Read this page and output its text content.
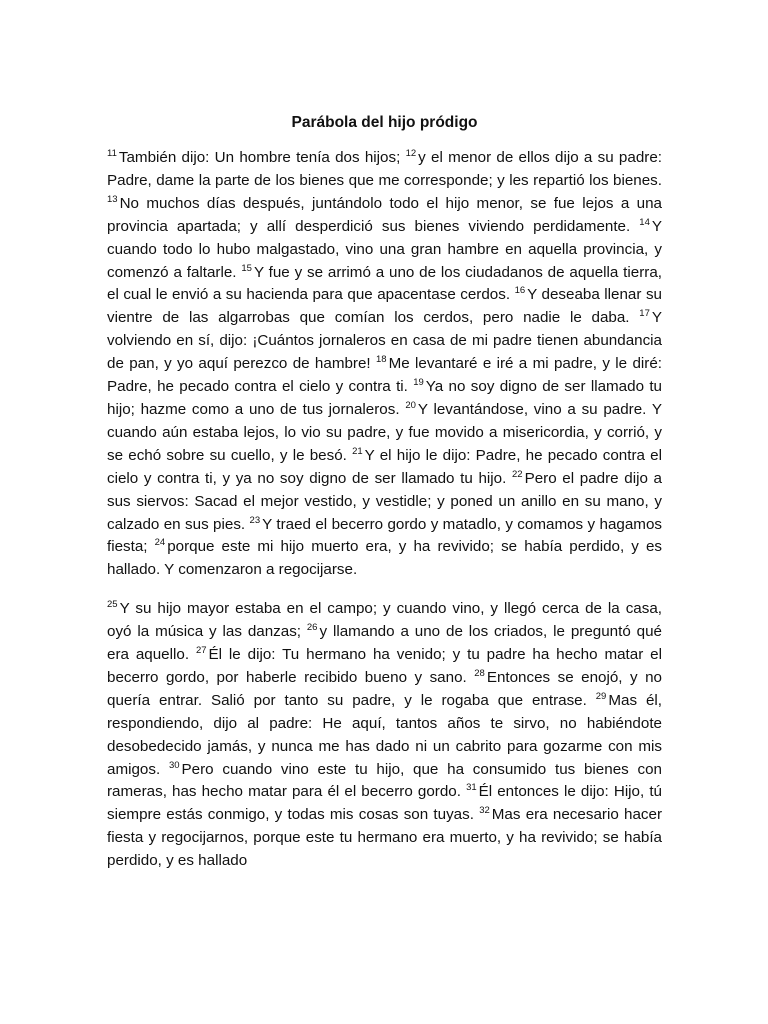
Parábola del hijo pródigo

$^{11}$ También dijo: Un hombre tenía dos hijos; $^{12}$ y el menor de ellos dijo a su padre: Padre, dame la parte de los bienes que me corresponde; y les repartió los bienes. $^{13}$ No muchos días después, juntándolo todo el hijo menor, se fue lejos a una provincia apartada; y allí desperdició sus bienes viviendo perdidamente. $^{14}$ Y cuando todo lo hubo malgastado, vino una gran hambre en aquella provincia, y comenzó a faltarle. $^{15}$ Y fue y se arrimó a uno de los ciudadanos de aquella tierra, el cual le envió a su hacienda para que apacentase cerdos. $^{16}$ Y deseaba llenar su vientre de las algarrobas que comían los cerdos, pero nadie le daba. $^{17}$ Y volviendo en sí, dijo: ¡Cuántos jornaleros en casa de mi padre tienen abundancia de pan, y yo aquí perezco de hambre! $^{18}$ Me levantaré e iré a mi padre, y le diré: Padre, he pecado contra el cielo y contra ti. $^{19}$ Ya no soy digno de ser llamado tu hijo; hazme como a uno de tus jornaleros. $^{20}$ Y levantándose, vino a su padre. Y cuando aún estaba lejos, lo vio su padre, y fue movido a misericordia, y corrió, y se echó sobre su cuello, y le besó. $^{21}$ Y el hijo le dijo: Padre, he pecado contra el cielo y contra ti, y ya no soy digno de ser llamado tu hijo. $^{22}$ Pero el padre dijo a sus siervos: Sacad el mejor vestido, y vestidle; y poned un anillo en su mano, y calzado en sus pies. $^{23}$ Y traed el becerro gordo y matadlo, y comamos y hagamos fiesta; $^{24}$ porque este mi hijo muerto era, y ha revivido; se había perdido, y es hallado. Y comenzaron a regocijarse.

$^{25}$ Y su hijo mayor estaba en el campo; y cuando vino, y llegó cerca de la casa, oyó la música y las danzas; $^{26}$ y llamando a uno de los criados, le preguntó qué era aquello. $^{27}$ Él le dijo: Tu hermano ha venido; y tu padre ha hecho matar el becerro gordo, por haberle recibido bueno y sano. $^{28}$ Entonces se enojó, y no quería entrar. Salió por tanto su padre, y le rogaba que entrase. $^{29}$ Mas él, respondiendo, dijo al padre: He aquí, tantos años te sirvo, no habiéndote desobedecido jamás, y nunca me has dado ni un cabrito para gozarme con mis amigos. $^{30}$ Pero cuando vino este tu hijo, que ha consumido tus bienes con rameras, has hecho matar para él el becerro gordo. $^{31}$ Él entonces le dijo: Hijo, tú siempre estás conmigo, y todas mis cosas son tuyas. $^{32}$ Mas era necesario hacer fiesta y regocijarnos, porque este tu hermano era muerto, y ha revivido; se había perdido, y es hallado
